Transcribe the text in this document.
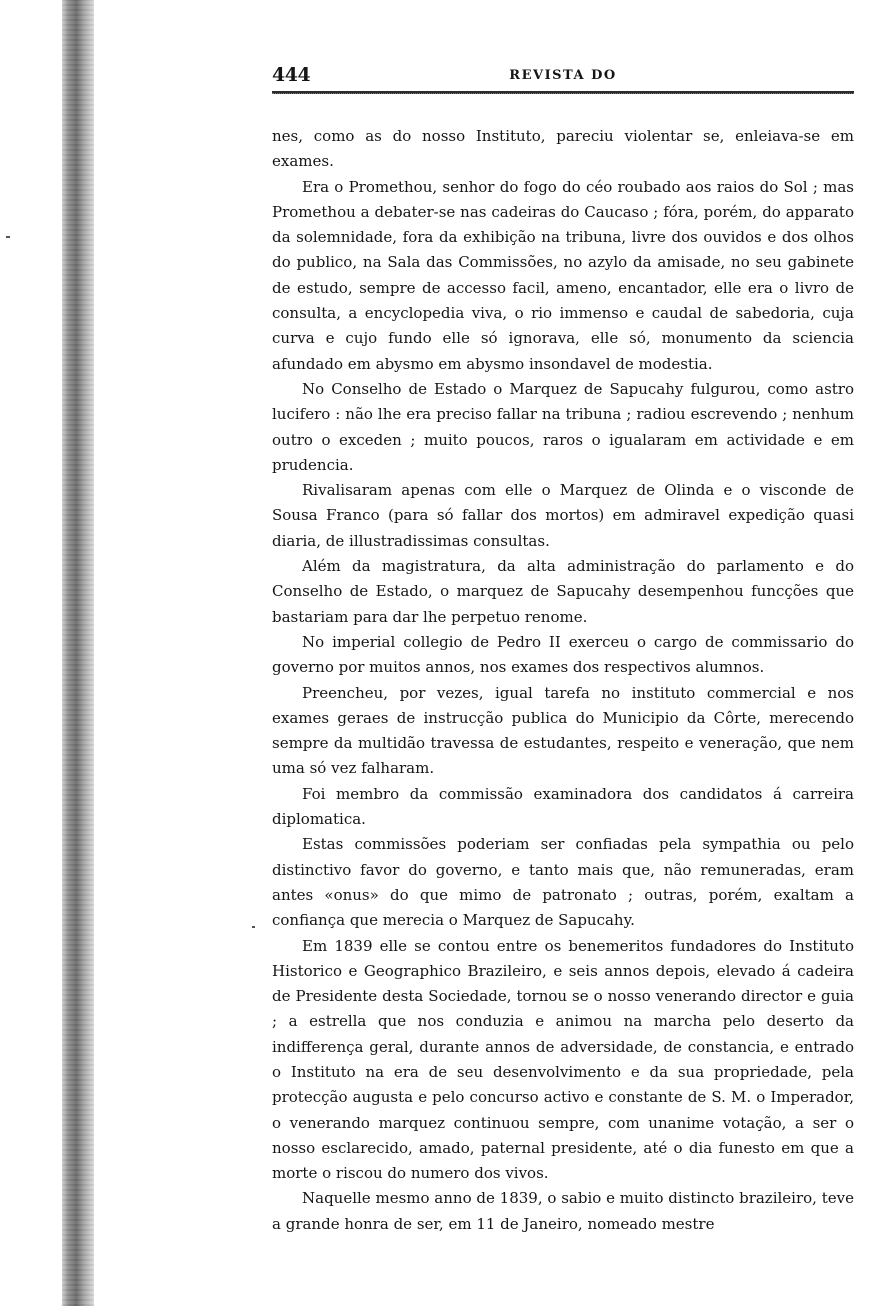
444	REVISTA DO

nes, como as do nosso Instituto, pareciu violentar se, enleiava-se em exames.

Era o Promethou, senhor do fogo do céo roubado aos raios do Sol ; mas Promethou a debater-se nas cadeiras do Caucaso ; fóra, porém, do apparato da solemnidade, fora da exhibição na tribuna, livre dos ouvidos e dos olhos do publico, na Sala das Commissões, no azylo da amisade, no seu gabinete de estudo, sempre de accesso facil, ameno, encantador, elle era o livro de consulta, a encyclopedia viva, o rio immenso e caudal de sabedoria, cuja curva e cujo fundo elle só ignorava, elle só, monumento da sciencia afundado em abysmo em abysmo insondavel de modestia.

No Conselho de Estado o Marquez de Sapucahy fulgurou, como astro lucifero : não lhe era preciso fallar na tribuna ; radiou escrevendo ; nenhum outro o exceden ; muito poucos, raros o igualaram em actividade e em prudencia.

Rivalisaram apenas com elle o Marquez de Olinda e o visconde de Sousa Franco (para só fallar dos mortos) em admiravel expedição quasi diaria, de illustradissimas consultas.

Além da magistratura, da alta administração do parlamento e do Conselho de Estado, o marquez de Sapucahy desempenhou funcções que bastariam para dar lhe perpetuo renome.

No imperial collegio de Pedro II exerceu o cargo de commissario do governo por muitos annos, nos exames dos respectivos alumnos.

Preencheu, por vezes, igual tarefa no instituto commercial e nos exames geraes de instrucção publica do Municipio da Côrte, merecendo sempre da multidão travessa de estudantes, respeito e veneração, que nem uma só vez falharam.

Foi membro da commissão examinadora dos candidatos á carreira diplomatica.

Estas commissões poderiam ser confiadas pela sympathia ou pelo distinctivo favor do governo, e tanto mais que, não remuneradas, eram antes «onus» do que mimo de patronato ; outras, porém, exaltam a confiança que merecia o Marquez de Sapucahy.

Em 1839 elle se contou entre os benemeritos fundadores do Instituto Historico e Geographico Brazileiro, e seis annos depois, elevado á cadeira de Presidente desta Sociedade, tornou se o nosso venerando director e guia ; a estrella que nos conduzia e animou na marcha pelo deserto da indifferença geral, durante annos de adversidade, de constancia, e entrado o Instituto na era de seu desenvolvimento e da sua propriedade, pela protecção augusta e pelo concurso activo e constante de S. M. o Imperador, o venerando marquez continuou sempre, com unanime votação, a ser o nosso esclarecido, amado, paternal presidente, até o dia funesto em que a morte o riscou do numero dos vivos.

Naquelle mesmo anno de 1839, o sabio e muito distincto brazileiro, teve a grande honra de ser, em 11 de Janeiro, nomeado mestre
